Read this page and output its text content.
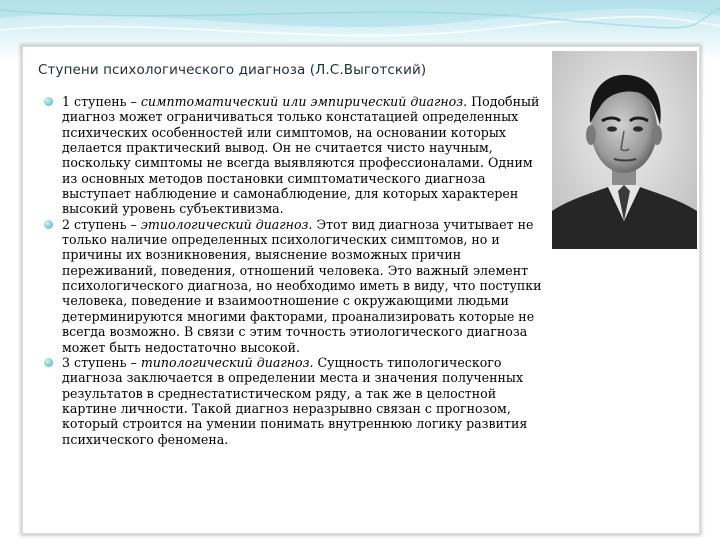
Ступени психологического диагноза (Л.С.Выготский)

1 ступень – симптоматический или эмпирический диагноз. Подобный диагноз может ограничиваться только констатацией определенных психических особенностей или симптомов, на основании которых делается практический вывод. Он не считается чисто научным, поскольку симптомы не всегда выявляются профессионалами. Одним из основных методов постановки симптоматического диагноза выступает наблюдение и самонаблюдение, для которых характерен высокий уровень субъективизма.

2 ступень – этиологический диагноз. Этот вид диагноза учитывает не только наличие определенных психологических симптомов, но и причины их возникновения, выяснение возможных причин переживаний, поведения, отношений человека. Это важный элемент психологического диагноза, но необходимо иметь в виду, что поступки человека, поведение и взаимоотношение с окружающими людьми детерминируются многими факторами, проанализировать которые не всегда возможно. В связи с этим точность этиологического диагноза может быть недостаточно высокой.

3 ступень – типологический диагноз. Сущность типологического диагноза заключается в определении места и значения полученных результатов в среднестатистическом ряду, а так же в целостной картине личности. Такой диагноз неразрывно связан с прогнозом, который строится на умении понимать внутреннюю логику развития психического феномена.
